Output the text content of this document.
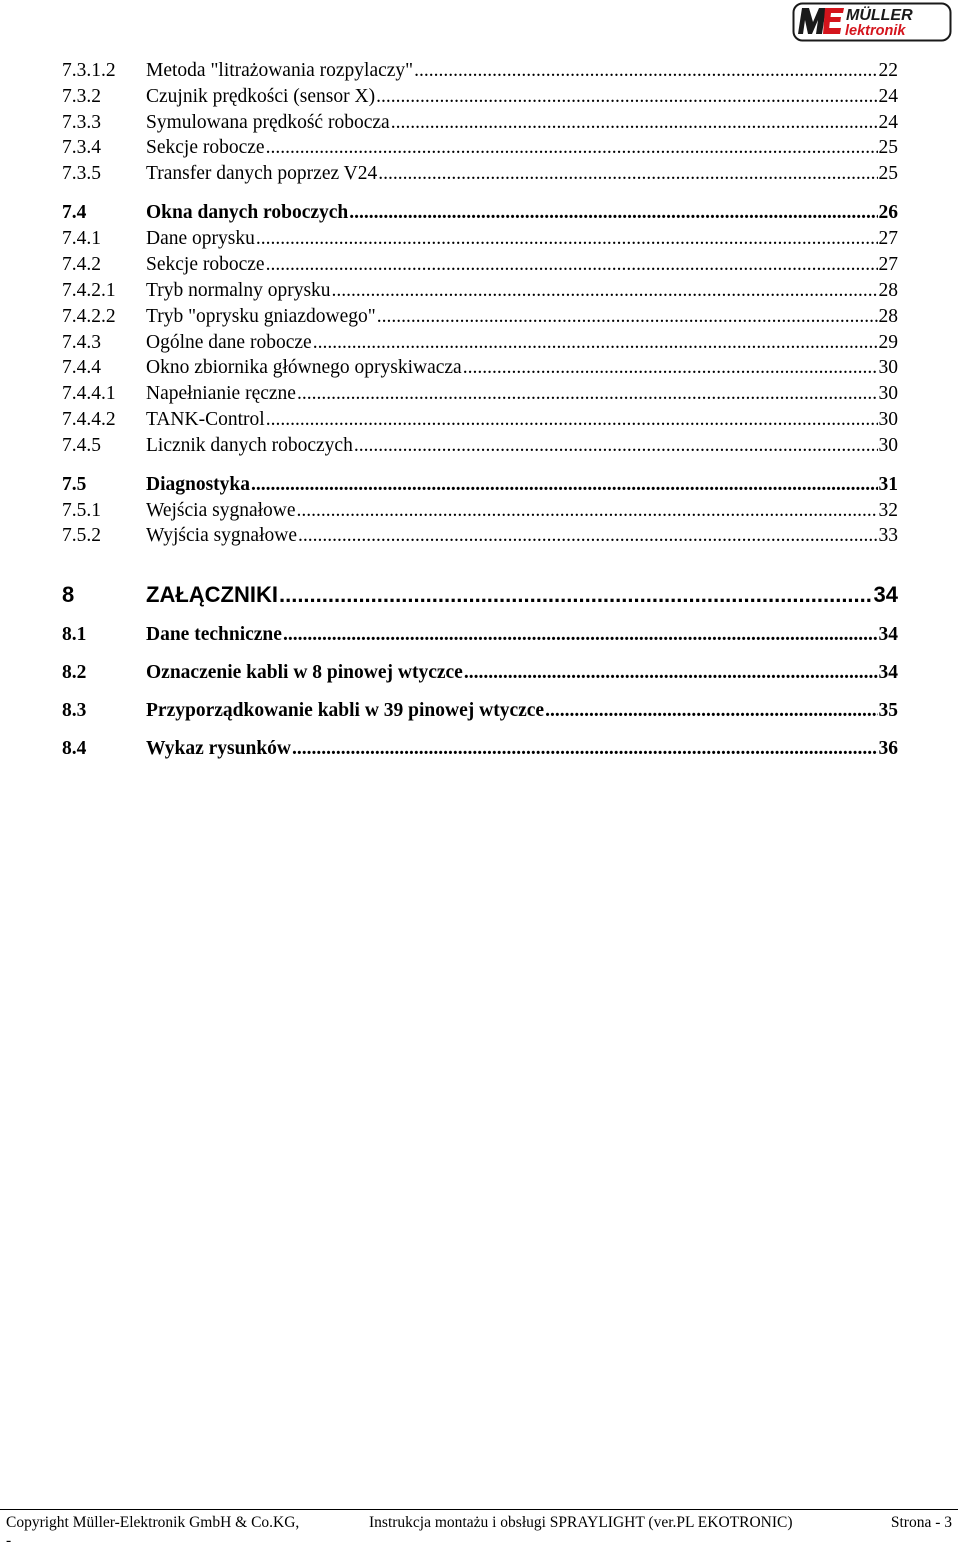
MÜLLER
lektronik
7.3.1.2	Metoda "litrażowania rozpylaczy" .....	22
7.3.2	Czujnik prędkości (sensor X) .....	24
7.3.3	Symulowana prędkość robocza .....	24
7.3.4	Sekcje robocze .....	25
7.3.5	Transfer danych poprzez V24 .....	25
7.4	Okna danych roboczych .....	26
7.4.1	Dane oprysku .....	27
7.4.2	Sekcje robocze .....	27
7.4.2.1	Tryb normalny oprysku .....	28
7.4.2.2	Tryb "oprysku gniazdowego" .....	28
7.4.3	Ogólne dane robocze .....	29
7.4.4	Okno zbiornika głównego opryskiwacza .....	30
7.4.4.1	Napełnianie ręczne .....	30
7.4.4.2	TANK-Control .....	30
7.4.5	Licznik danych roboczych .....	30
7.5	Diagnostyka .....	31
7.5.1	Wejścia sygnałowe .....	32
7.5.2	Wyjścia sygnałowe .....	33
8	ZAŁĄCZNIKI .....	34
8.1	Dane techniczne .....	34
8.2	Oznaczenie kabli w 8 pinowej wtyczce .....	34
8.3	Przyporządkowanie kabli w 39 pinowej wtyczce .....	35
8.4	Wykaz rysunków .....	36
Copyright Müller-Elektronik GmbH & Co.KG,	Instrukcja montażu i obsługi SPRAYLIGHT (ver.PL EKOTRONIC)	Strona - 3
-
